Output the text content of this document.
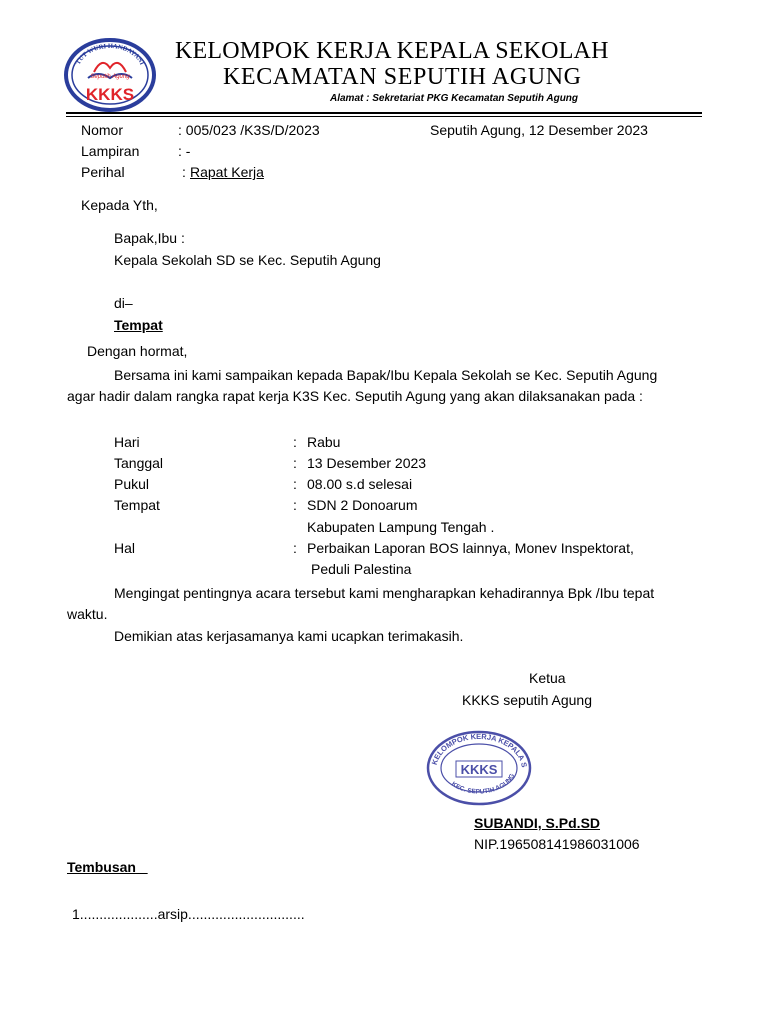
TUT WURI HANDAYANI
Seputih Agung
KKKS
KELOMPOK KERJA KEPALA SEKOLAH
KECAMATAN SEPUTIH AGUNG
Alamat : Sekretariat PKG Kecamatan Seputih Agung
Nomor	: 005/023 /K3S/D/2023	Seputih Agung, 12 Desember 2023
Lampiran	: -
Perihal	: Rapat Kerja
Kepada Yth,
Bapak,Ibu :
Kepala Sekolah SD se Kec. Seputih Agung
di–
Tempat
Dengan hormat,
Bersama ini kami sampaikan kepada Bapak/Ibu Kepala Sekolah se Kec. Seputih Agung
agar hadir dalam rangka rapat kerja K3S Kec. Seputih Agung yang akan dilaksanakan pada :
Hari	: Rabu
Tanggal	: 13 Desember 2023
Pukul	: 08.00 s.d selesai
Tempat	: SDN 2 Donoarum
Kabupaten Lampung Tengah .
Hal	: Perbaikan Laporan BOS lainnya, Monev Inspektorat,
Peduli Palestina
Mengingat pentingnya acara tersebut kami mengharapkan kehadirannya Bpk /Ibu tepat
waktu.
Demikian atas kerjasamanya kami ucapkan terimakasih.
Ketua
KKKS seputih Agung
KELOMPOK KERJA KEPALA S
KEC. SEPUTIH AGUNG
KKKS
SUBANDI, S.Pd.SD
NIP.196508141986031006
Tembusan
1....................arsip..............................
